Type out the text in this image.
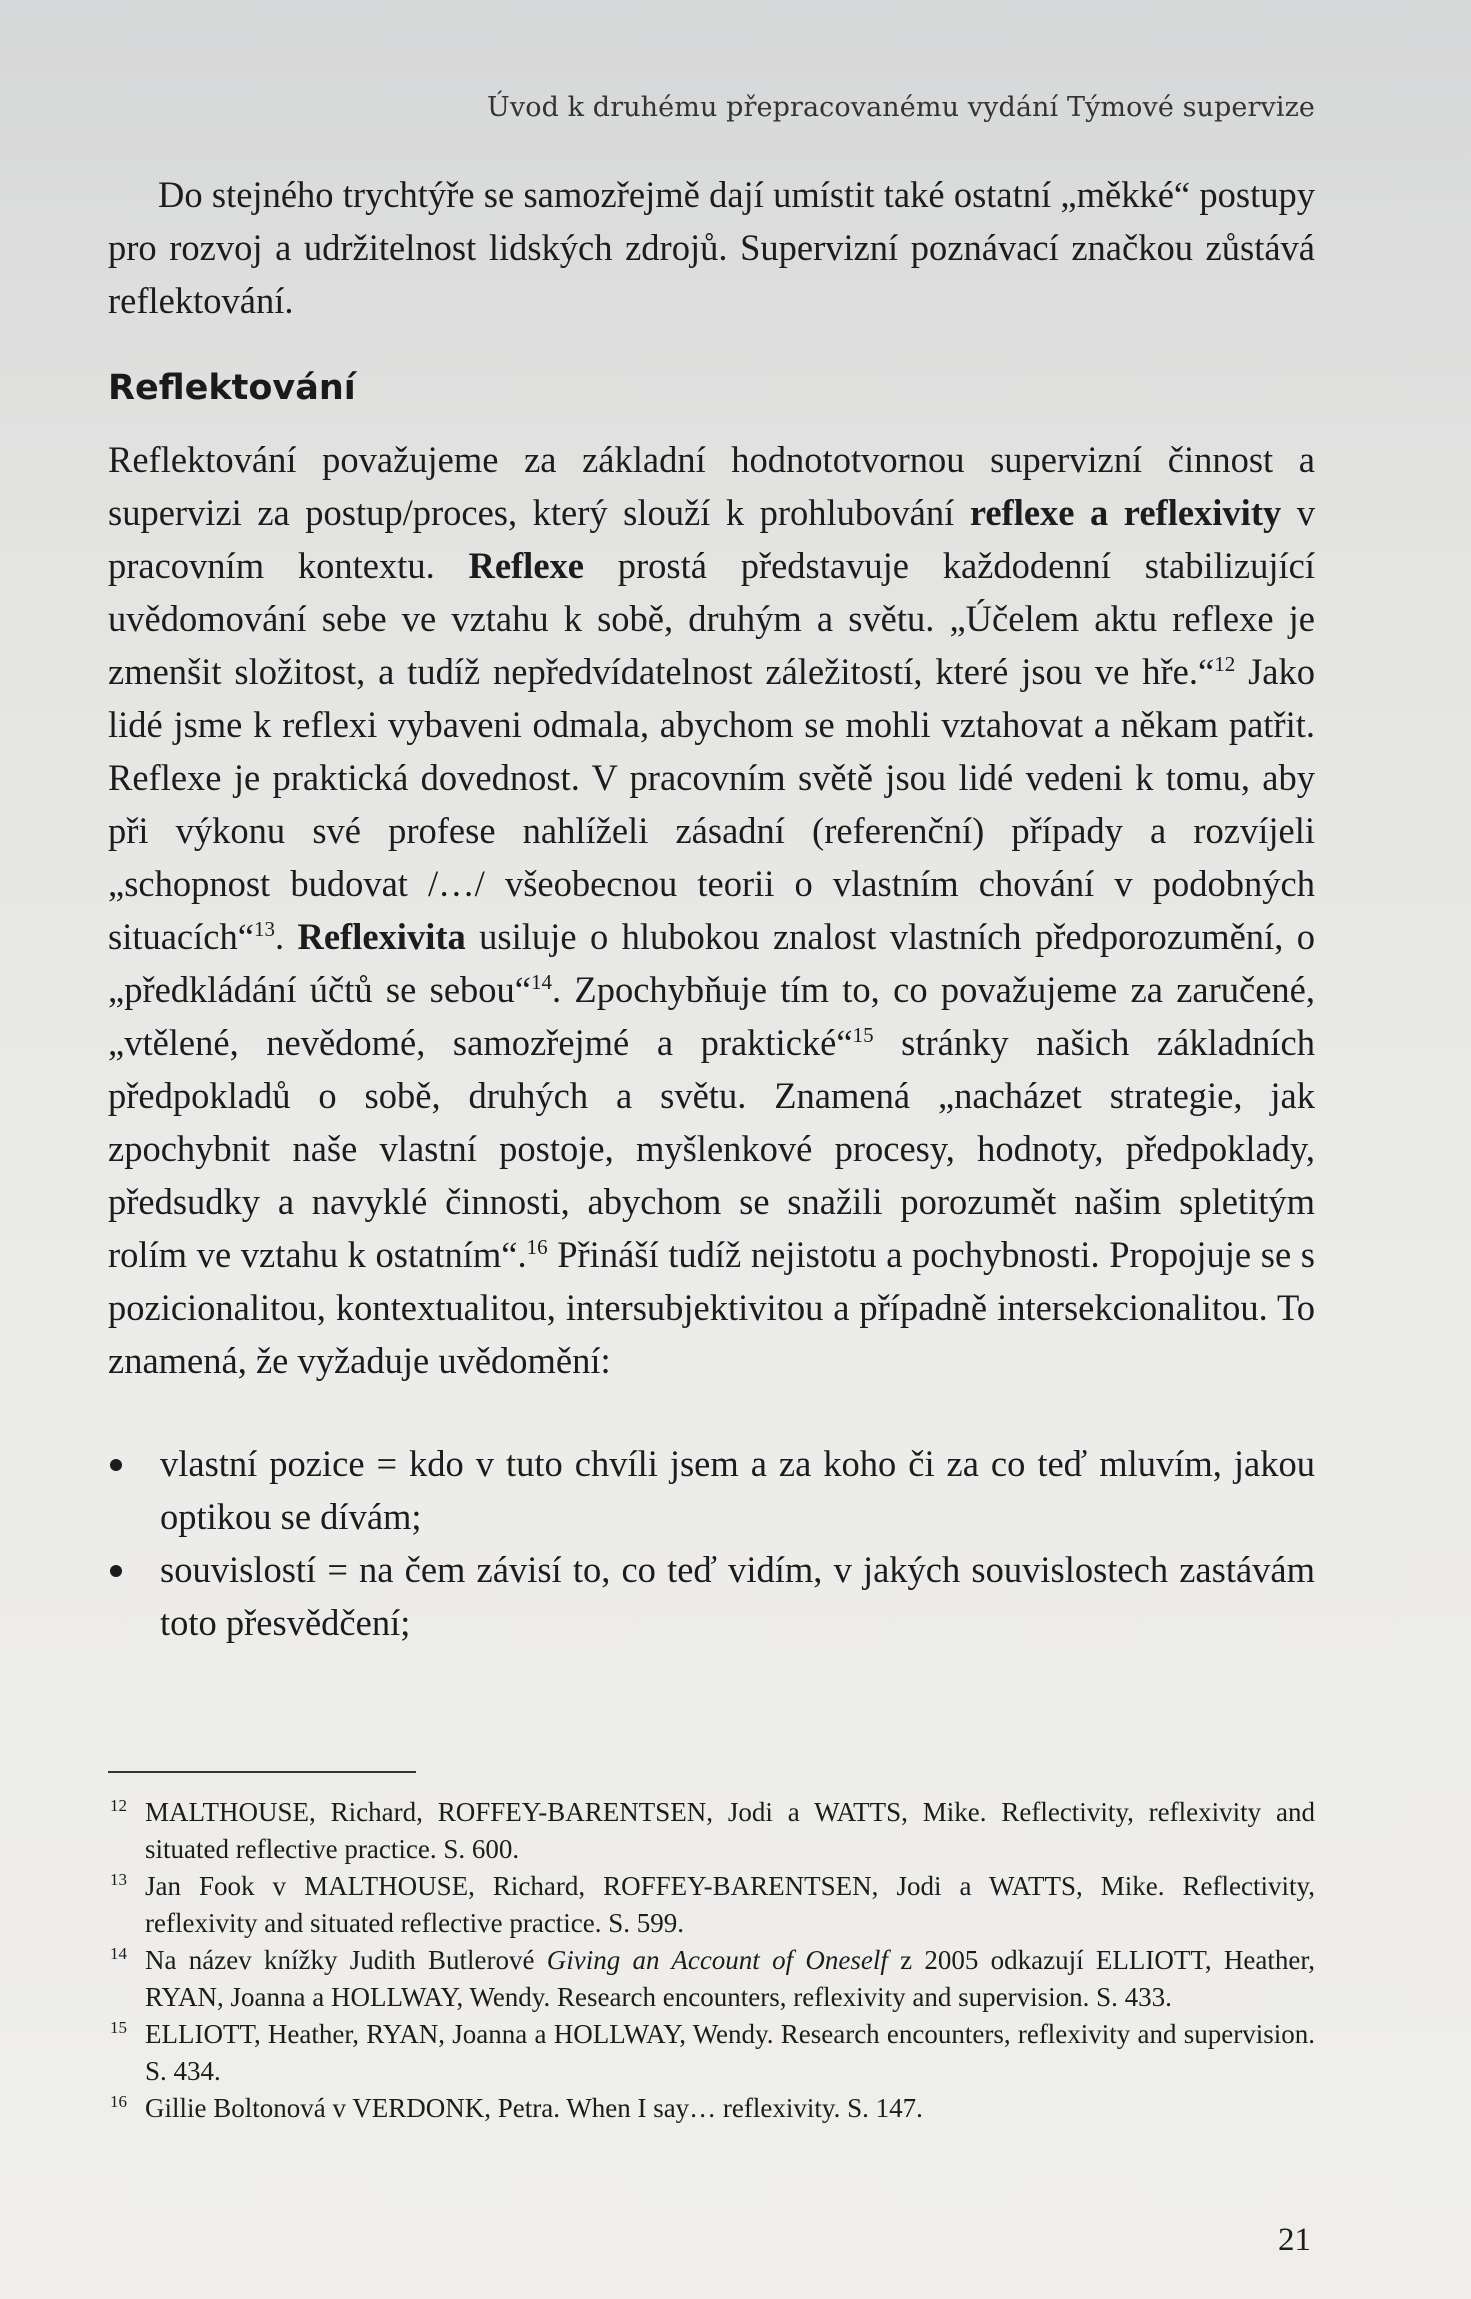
Úvod k druhému přepracovanému vydání Týmové supervize

Do stejného trychtýře se samozřejmě dají umístit také ostatní „měkké“ postupy pro rozvoj a udržitelnost lidských zdrojů. Supervizní poznávací značkou zůstává reflektování.

Reflektování

Reflektování považujeme za základní hodnototvornou supervizní činnost a supervizi za postup/proces, který slouží k prohlubování reflexe a reflexivity v pracovním kontextu. Reflexe prostá představuje každodenní stabilizující uvědomování sebe ve vztahu k sobě, druhým a světu. „Účelem aktu reflexe je zmenšit složitost, a tudíž nepředvídatelnost záležitostí, které jsou ve hře.“$^{12}$ Jako lidé jsme k reflexi vybaveni odmala, abychom se mohli vztahovat a někam patřit. Reflexe je praktická dovednost. V pracovním světě jsou lidé vedeni k tomu, aby při výkonu své profese nahlíželi zásadní (referenční) případy a rozvíjeli „schopnost budovat /…/ všeobecnou teorii o vlastním chování v podobných situacích“$^{13}$. Reflexivita usiluje o hlubokou znalost vlastních předporozumění, o „předkládání účtů se sebou“$^{14}$. Zpochybňuje tím to, co považujeme za zaručené, „vtělené, nevědomé, samozřejmé a praktické“$^{15}$ stránky našich základních předpokladů o sobě, druhých a světu. Znamená „nacházet strategie, jak zpochybnit naše vlastní postoje, myšlenkové procesy, hodnoty, předpoklady, předsudky a navyklé činnosti, abychom se snažili porozumět našim spletitým rolím ve vztahu k ostatním“.$^{16}$ Přináší tudíž nejistotu a pochybnosti. Propojuje se s pozicionalitou, kontextualitou, intersubjektivitou a případně intersekcionalitou. To znamená, že vyžaduje uvědomění:

vlastní pozice = kdo v tuto chvíli jsem a za koho či za co teď mluvím, jakou optikou se dívám;
souvislostí = na čem závisí to, co teď vidím, v jakých souvislostech zastávám toto přesvědčení;

12 MALTHOUSE, Richard, ROFFEY-BARENTSEN, Jodi a WATTS, Mike. Reflectivity, reflexivity and situated reflective practice. S. 600.

13 Jan Fook v MALTHOUSE, Richard, ROFFEY-BARENTSEN, Jodi a WATTS, Mike. Reflectivity, reflexivity and situated reflective practice. S. 599.

14 Na název knížky Judith Butlerové Giving an Account of Oneself z 2005 odkazují ELLIOTT, Heather, RYAN, Joanna a HOLLWAY, Wendy. Research encounters, reflexivity and supervision. S. 433.

15 ELLIOTT, Heather, RYAN, Joanna a HOLLWAY, Wendy. Research encounters, reflexivity and supervision. S. 434.

16 Gillie Boltonová v VERDONK, Petra. When I say… reflexivity. S. 147.

21
